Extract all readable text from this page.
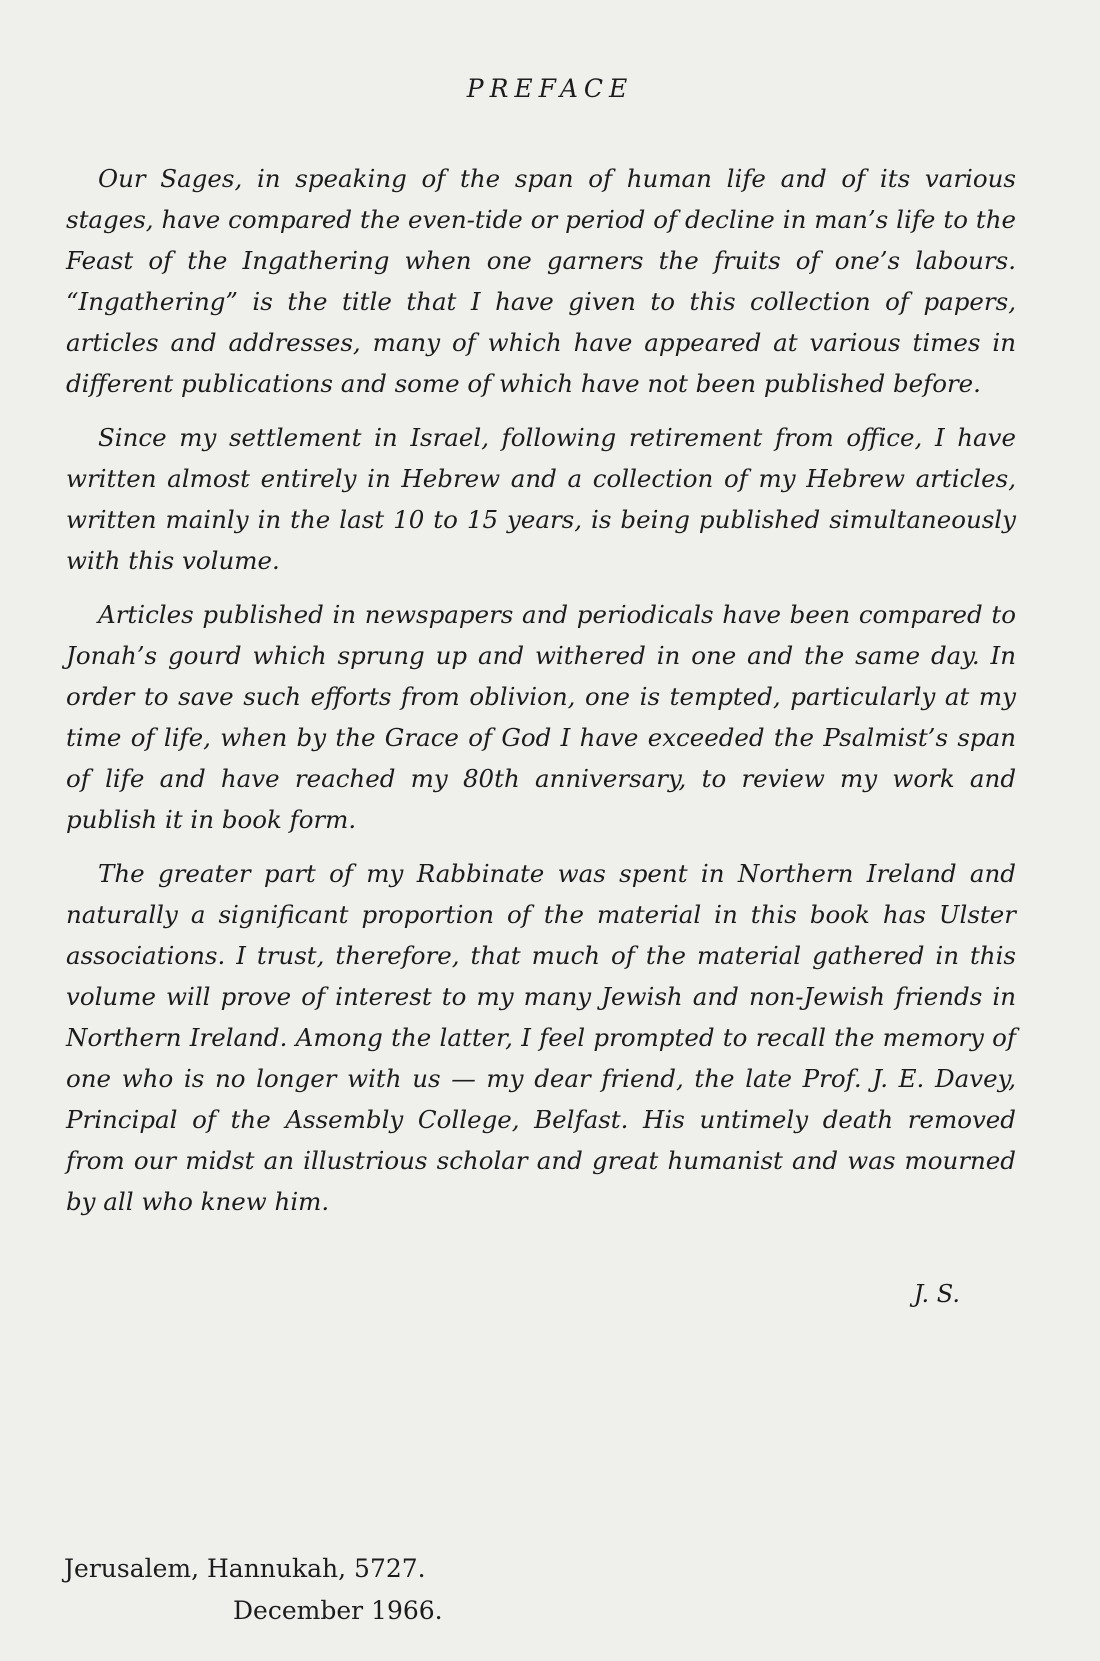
PREFACE

Our Sages, in speaking of the span of human life and of its various stages, have compared the even-tide or period of decline in man’s life to the Feast of the Ingathering when one garners the fruits of one’s labours. “Ingathering” is the title that I have given to this collection of papers, articles and addresses, many of which have appeared at various times in different publications and some of which have not been published before.

Since my settlement in Israel, following retirement from office, I have written almost entirely in Hebrew and a collection of my Hebrew articles, written mainly in the last 10 to 15 years, is being published simultaneously with this volume.

Articles published in newspapers and periodicals have been compared to Jonah’s gourd which sprung up and withered in one and the same day. In order to save such efforts from oblivion, one is tempted, particularly at my time of life, when by the Grace of God I have exceeded the Psalmist’s span of life and have reached my 80th anniversary, to review my work and publish it in book form.

The greater part of my Rabbinate was spent in Northern Ireland and naturally a significant proportion of the material in this book has Ulster associations. I trust, therefore, that much of the material gathered in this volume will prove of interest to my many Jewish and non-Jewish friends in Northern Ireland. Among the latter, I feel prompted to recall the memory of one who is no longer with us — my dear friend, the late Prof. J. E. Davey, Principal of the Assembly College, Belfast. His untimely death removed from our midst an illustrious scholar and great humanist and was mourned by all who knew him.

J. S.
Jerusalem, Hannukah, 5727.
December 1966.
